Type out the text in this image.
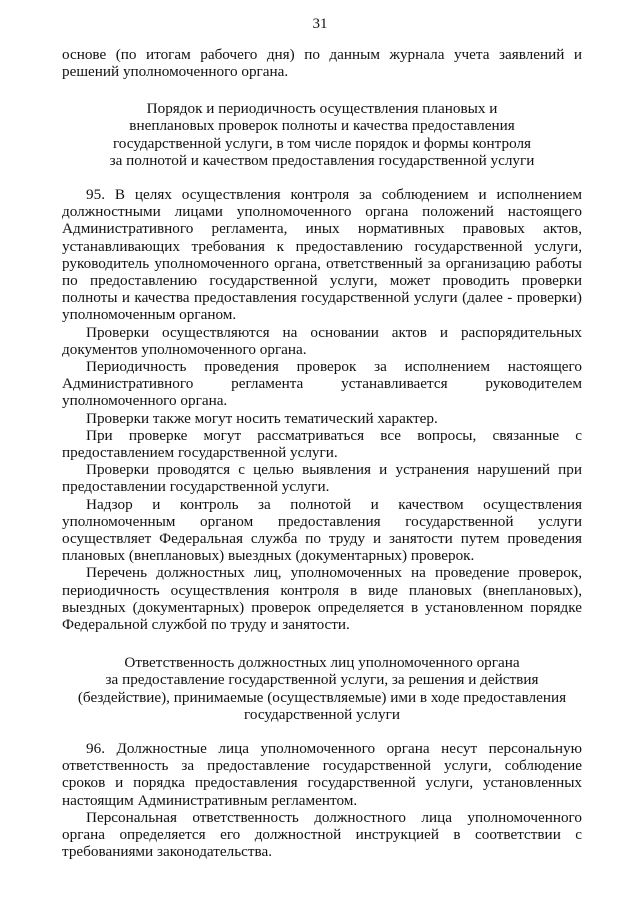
31

основе (по итогам рабочего дня) по данным журнала учета заявлений и решений уполномоченного органа.

Порядок и периодичность осуществления плановых и
внеплановых проверок полноты и качества предоставления
государственной услуги, в том числе порядок и формы контроля
за полнотой и качеством предоставления государственной услуги

95. В целях осуществления контроля за соблюдением и исполнением должностными лицами уполномоченного органа положений настоящего Административного регламента, иных нормативных правовых актов, устанавливающих требования к предоставлению государственной услуги, руководитель уполномоченного органа, ответственный за организацию работы по предоставлению государственной услуги, может проводить проверки полноты и качества предоставления государственной услуги (далее - проверки) уполномоченным органом.

Проверки осуществляются на основании актов и распорядительных документов уполномоченного органа.

Периодичность проведения проверок за исполнением настоящего Административного регламента устанавливается руководителем уполномоченного органа.

Проверки также могут носить тематический характер.

При проверке могут рассматриваться все вопросы, связанные с предоставлением государственной услуги.

Проверки проводятся с целью выявления и устранения нарушений при предоставлении государственной услуги.

Надзор и контроль за полнотой и качеством осуществления уполномоченным органом предоставления государственной услуги осуществляет Федеральная служба по труду и занятости путем проведения плановых (внеплановых) выездных (документарных) проверок.

Перечень должностных лиц, уполномоченных на проведение проверок, периодичность осуществления контроля в виде плановых (внеплановых), выездных (документарных) проверок определяется в установленном порядке Федеральной службой по труду и занятости.

Ответственность должностных лиц уполномоченного органа
за предоставление государственной услуги, за решения и действия
(бездействие), принимаемые (осуществляемые) ими в ходе предоставления
государственной услуги

96. Должностные лица уполномоченного органа несут персональную ответственность за предоставление государственной услуги, соблюдение сроков и порядка предоставления государственной услуги, установленных настоящим Административным регламентом.

Персональная ответственность должностного лица уполномоченного органа определяется его должностной инструкцией в соответствии с требованиями законодательства.
